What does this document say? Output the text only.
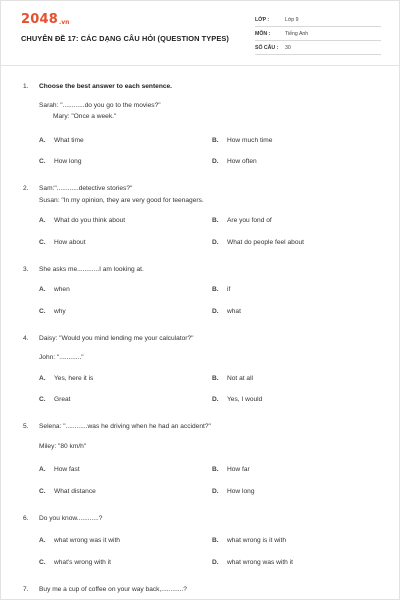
2048 .vn
CHUYÊN ĐỀ 17: CÁC DẠNG CÂU HỎI (QUESTION TYPES)
LỚP :	Lớp 9
MÔN :	Tiếng Anh
SỐ CÂU : 30
1. Choose the best answer to each sentence.
Sarah: "............do you go to the movies?"
Mary: "Once a week."
A. What time	B. How much time
C. How long	D. How often
2. Sam:"............detective stories?"
Susan: "In my opinion, they are very good for teenagers.
A. What do you think about	B. Are you fond of
C. How about	D. What do people feel about
3. She asks me............I am looking at.
A. when	B. if
C. why	D. what
4. Daisy: "Would you mind lending me your calculator?"
John: "............"
A. Yes, here it is	B. Not at all
C. Great	D. Yes, I would
5. Selena: "............was he driving when he had an accident?"
Miley: "80 km/h"
A. How fast	B. How far
C. What distance	D. How long
6. Do you know............?
A. what wrong was it with	B. what wrong is it with
C. what's wrong with it	D. what wrong was with it
7. Buy me a cup of coffee on your way back,............?
